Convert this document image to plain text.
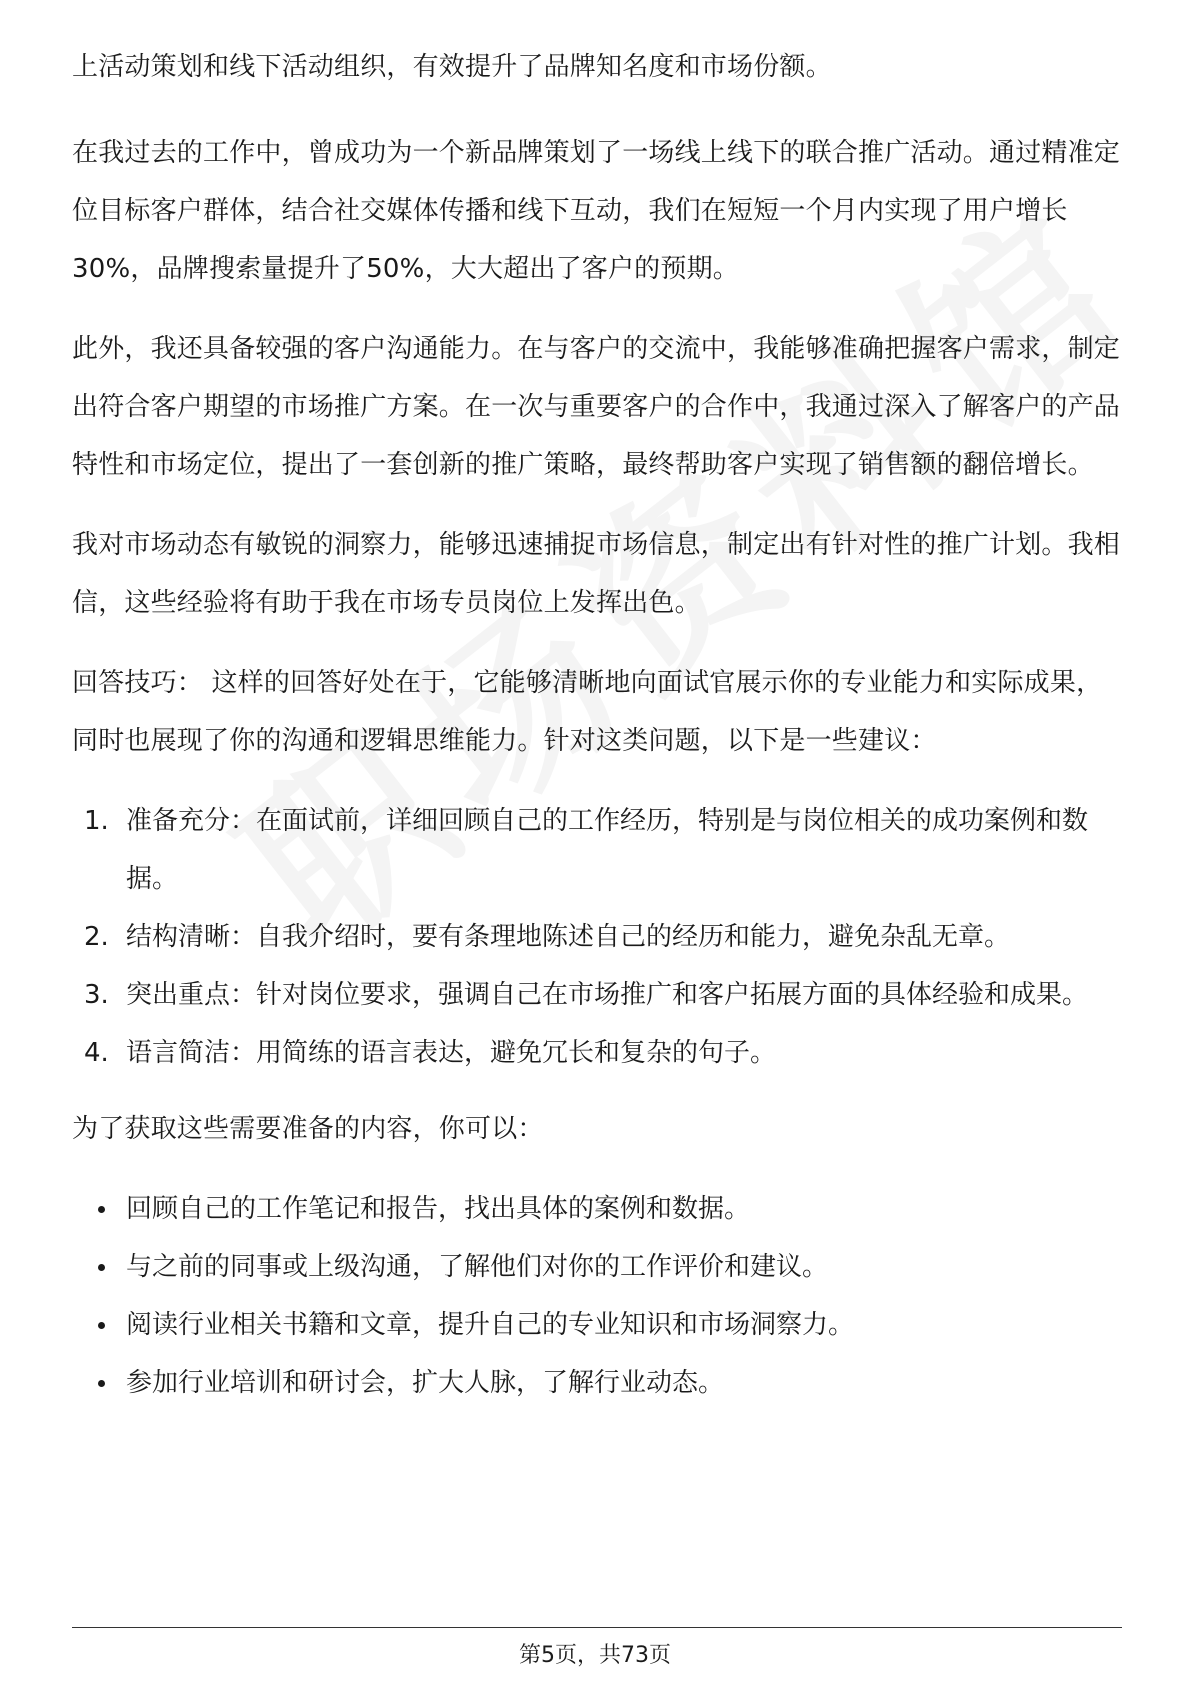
上活动策划和线下活动组织，有效提升了品牌知名度和市场份额。

在我过去的工作中，曾成功为一个新品牌策划了一场线上线下的联合推广活动。通过精准定位目标客户群体，结合社交媒体传播和线下互动，我们在短短一个月内实现了用户增长30%，品牌搜索量提升了50%，大大超出了客户的预期。

此外，我还具备较强的客户沟通能力。在与客户的交流中，我能够准确把握客户需求，制定出符合客户期望的市场推广方案。在一次与重要客户的合作中，我通过深入了解客户的产品特性和市场定位，提出了一套创新的推广策略，最终帮助客户实现了销售额的翻倍增长。

我对市场动态有敏锐的洞察力，能够迅速捕捉市场信息，制定出有针对性的推广计划。我相信，这些经验将有助于我在市场专员岗位上发挥出色。

回答技巧： 这样的回答好处在于，它能够清晰地向面试官展示你的专业能力和实际成果，同时也展现了你的沟通和逻辑思维能力。针对这类问题，以下是一些建议：

1. 准备充分：在面试前，详细回顾自己的工作经历，特别是与岗位相关的成功案例和数据。
2. 结构清晰：自我介绍时，要有条理地陈述自己的经历和能力，避免杂乱无章。
3. 突出重点：针对岗位要求，强调自己在市场推广和客户拓展方面的具体经验和成果。
4. 语言简洁：用简练的语言表达，避免冗长和复杂的句子。

为了获取这些需要准备的内容，你可以：

回顾自己的工作笔记和报告，找出具体的案例和数据。
与之前的同事或上级沟通，了解他们对你的工作评价和建议。
阅读行业相关书籍和文章，提升自己的专业知识和市场洞察力。
参加行业培训和研讨会，扩大人脉，了解行业动态。
第5页，共73页
